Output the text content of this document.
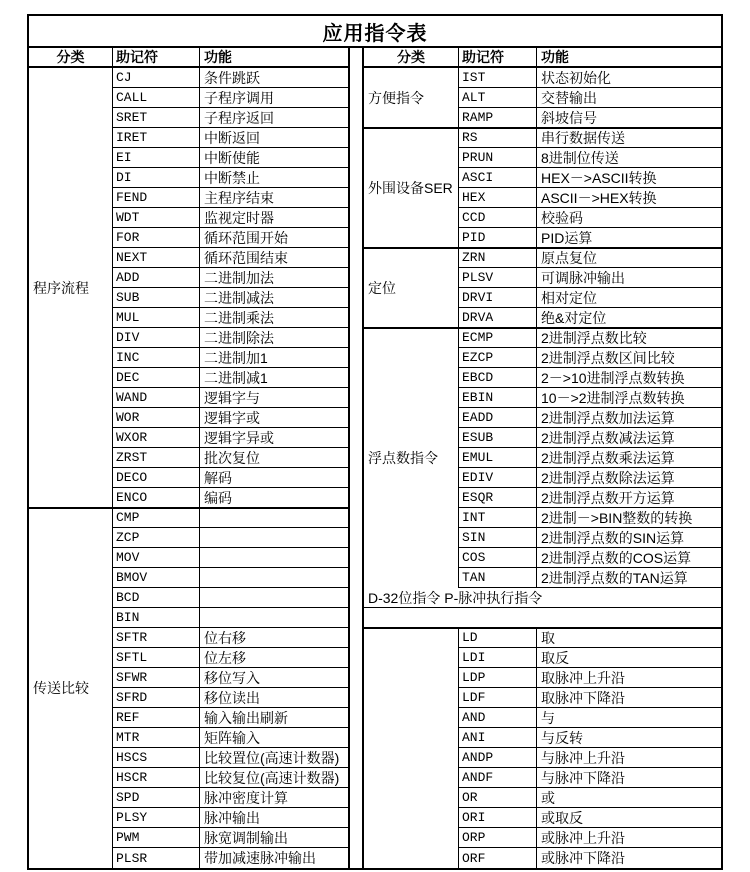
应用指令表
分类	助记符	功能
程序流程
CJ	条件跳跃
CALL	子程序调用
SRET	子程序返回
IRET	中断返回
EI	中断使能
DI	中断禁止
FEND	主程序结束
WDT	监视定时器
FOR	循环范围开始
NEXT	循环范围结束
ADD	二进制加法
SUB	二进制减法
MUL	二进制乘法
DIV	二进制除法
INC	二进制加1
DEC	二进制减1
WAND	逻辑字与
WOR	逻辑字或
WXOR	逻辑字异或
ZRST	批次复位
DECO	解码
ENCO	编码
传送比较
CMP
ZCP
MOV
BMOV
BCD
BIN
SFTR	位右移
SFTL	位左移
SFWR	移位写入
SFRD	移位读出
REF	输入输出刷新
MTR	矩阵输入
HSCS	比较置位(高速计数器)
HSCR	比较复位(高速计数器)
SPD	脉冲密度计算
PLSY	脉冲输出
PWM	脉宽调制输出
PLSR	带加减速脉冲输出
分类	助记符	功能
方便指令
IST	状态初始化
ALT	交替输出
RAMP	斜坡信号
外围设备SER
RS	串行数据传送
PRUN	8进制位传送
ASCI	HEX－>ASCII转换
HEX	ASCII－>HEX转换
CCD	校验码
PID	PID运算
定位
ZRN	原点复位
PLSV	可调脉冲输出
DRVI	相对定位
DRVA	绝&对定位
浮点数指令
ECMP	2进制浮点数比较
EZCP	2进制浮点数区间比较
EBCD	2－>10进制浮点数转换
EBIN	10－>2进制浮点数转换
EADD	2进制浮点数加法运算
ESUB	2进制浮点数减法运算
EMUL	2进制浮点数乘法运算
EDIV	2进制浮点数除法运算
ESQR	2进制浮点数开方运算
INT	2进制－>BIN整数的转换
SIN	2进制浮点数的SIN运算
COS	2进制浮点数的COS运算
TAN	2进制浮点数的TAN运算
D-32位指令 P-脉冲执行指令
LD	取
LDI	取反
LDP	取脉冲上升沿
LDF	取脉冲下降沿
AND	与
ANI	与反转
ANDP	与脉冲上升沿
ANDF	与脉冲下降沿
OR	或
ORI	或取反
ORP	或脉冲上升沿
ORF	或脉冲下降沿
